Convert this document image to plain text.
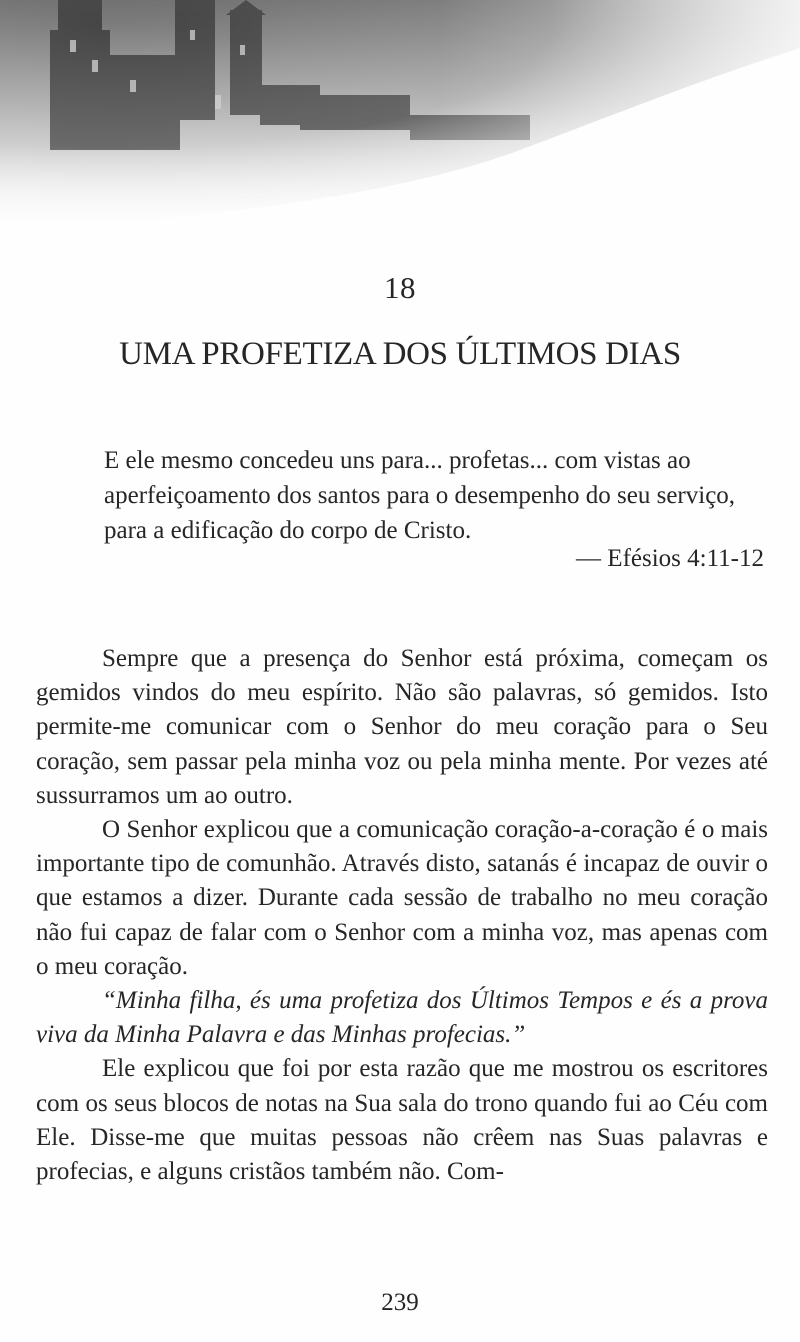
18
UMA PROFETIZA DOS ÚLTIMOS DIAS

E ele mesmo concedeu uns para... profetas... com vistas ao aperfeiçoamento dos santos para o desempenho do seu serviço, para a edificação do corpo de Cristo.

— Efésios 4:11-12

Sempre que a presença do Senhor está próxima, começam os gemidos vindos do meu espírito. Não são palavras, só gemidos. Isto permite-me comunicar com o Senhor do meu coração para o Seu coração, sem passar pela minha voz ou pela minha mente. Por vezes até sussurramos um ao outro.

O Senhor explicou que a comunicação coração-a-coração é o mais importante tipo de comunhão. Através disto, satanás é incapaz de ouvir o que estamos a dizer. Durante cada sessão de trabalho no meu coração não fui capaz de falar com o Senhor com a minha voz, mas apenas com o meu coração.

“Minha filha, és uma profetiza dos Últimos Tempos e és a prova viva da Minha Palavra e das Minhas profecias.”

Ele explicou que foi por esta razão que me mostrou os escritores com os seus blocos de notas na Sua sala do trono quando fui ao Céu com Ele. Disse-me que muitas pessoas não crêem nas Suas palavras e profecias, e alguns cristãos também não. Com-

239
